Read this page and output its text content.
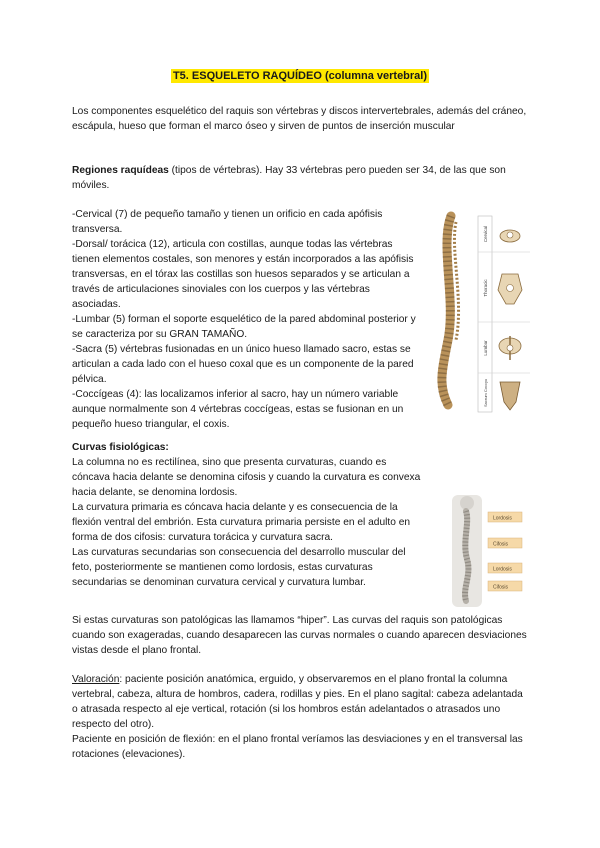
T5. ESQUELETO RAQUÍDEO (columna vertebral)

Los componentes esquelético del raquis son vértebras y discos intervertebrales, además del cráneo, escápula, hueso que forman el marco óseo y sirven de puntos de inserción muscular

Regiones raquídeas (tipos de vértebras). Hay 33 vértebras pero pueden ser 34, de las que son móviles.

-Cervical (7) de pequeño tamaño y tienen un orificio en cada apófisis transversa.
-Dorsal/ torácica (12), articula con costillas, aunque todas las vértebras tienen elementos costales, son menores y están incorporados a las apófisis transversas, en el tórax las costillas son huesos separados y se articulan a través de articulaciones sinoviales con los cuerpos y las vértebras asociadas.
-Lumbar (5) forman el soporte esquelético de la pared abdominal posterior y se caracteriza por su GRAN TAMAÑO.
-Sacra (5) vértebras fusionadas en un único hueso llamado sacro, estas se articulan a cada lado con el hueso coxal que es un componente de la pared pélvica.
-Coccígeas (4): las localizamos inferior al sacro, hay un número variable aunque normalmente son 4 vértebras coccígeas, estas se fusionan en un pequeño hueso triangular, el coxis.

Cervical
Thoracic
Lumbar
Sacrum Coccyx

Curvas fisiológicas:
La columna no es rectilínea, sino que presenta curvaturas, cuando es cóncava hacia delante se denomina cifosis y cuando la curvatura es convexa hacia delante, se denomina lordosis.
La curvatura primaria es cóncava hacia delante y es consecuencia de la flexión ventral del embrión. Esta curvatura primaria persiste en el adulto en forma de dos cifosis: curvatura torácica y curvatura sacra.
Las curvaturas secundarias son consecuencia del desarrollo muscular del feto, posteriormente se mantienen como lordosis, estas curvaturas secundarias se denominan curvatura cervical y curvatura lumbar.

Si estas curvaturas son patológicas las llamamos “hiper”. Las curvas del raquis son patológicas cuando son exageradas, cuando desaparecen las curvas normales o cuando aparecen desviaciones vistas desde el plano frontal.

Lordosis
Cifosis
Lordosis
Cifosis

Valoración: paciente posición anatómica, erguido, y observaremos en el plano frontal la columna vertebral, cabeza, altura de hombros, cadera, rodillas y pies. En el plano sagital: cabeza adelantada o atrasada respecto al eje vertical, rotación (si los hombros están adelantados o atrasados uno respecto del otro).
Paciente en posición de flexión: en el plano frontal veríamos las desviaciones y en el transversal las rotaciones (elevaciones).
